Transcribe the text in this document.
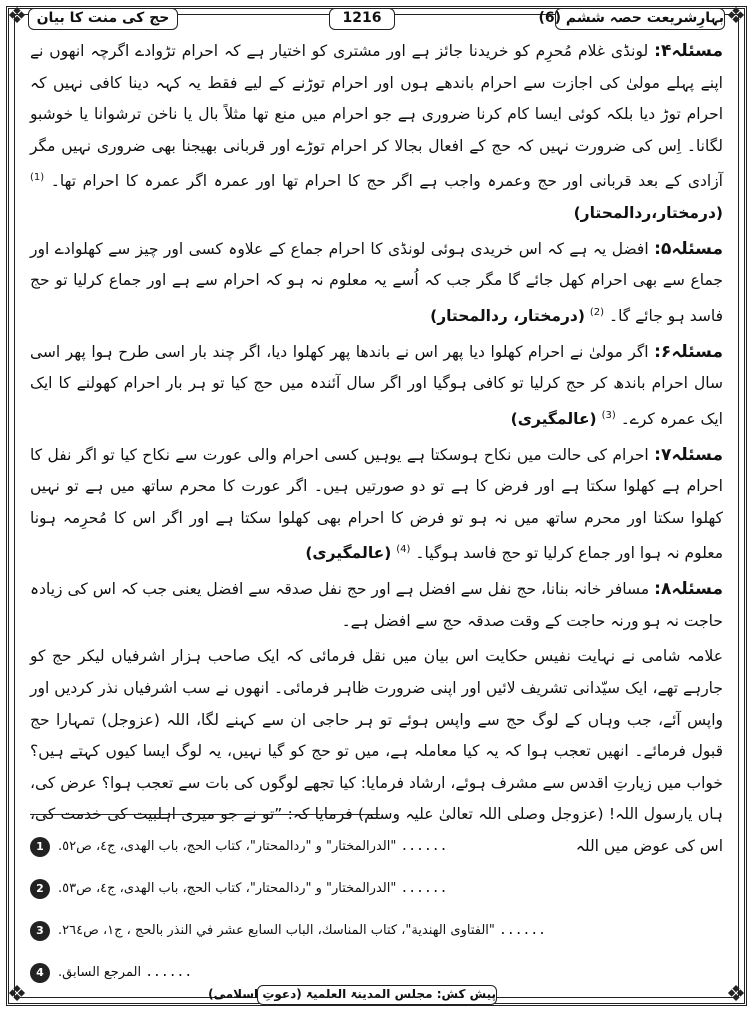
❖	❖
❖	❖
بہارِشریعت حصہ ششم (6)
1216
حج کی منت کا بیان

مسئلہ۴: لونڈی غلام مُحرِم کو خریدنا جائز ہے اور مشتری کو اختیار ہے کہ احرام تڑوادے اگرچہ انھوں نے اپنے پہلے مولیٰ کی اجازت سے احرام باندھے ہوں اور احرام توڑنے کے لیے فقط یہ کہہ دینا کافی نہیں کہ احرام توڑ دیا بلکہ کوئی ایسا کام کرنا ضروری ہے جو احرام میں منع تھا مثلاً بال یا ناخن ترشوانا یا خوشبو لگانا۔ اِس کی ضرورت نہیں کہ حج کے افعال بجالا کر احرام توڑے اور قربانی بھیجنا بھی ضروری نہیں مگر آزادی کے بعد قربانی اور حج وعمرہ واجب ہے اگر حج کا احرام تھا اور عمرہ اگر عمرہ کا احرام تھا۔ $^{(1)}$ (درمختار،ردالمحتار)

مسئلہ۵: افضل یہ ہے کہ اس خریدی ہوئی لونڈی کا احرام جماع کے علاوہ کسی اور چیز سے کھلوادے اور جماع سے بھی احرام کھل جائے گا مگر جب کہ اُسے یہ معلوم نہ ہو کہ احرام سے ہے اور جماع کرلیا تو حج فاسد ہو جائے گا۔ $^{(2)}$ (درمختار، ردالمحتار)

مسئلہ۶: اگر مولیٰ نے احرام کھلوا دیا پھر اس نے باندھا پھر کھلوا دیا، اگر چند بار اسی طرح ہوا پھر اسی سال احرام باندھ کر حج کرلیا تو کافی ہوگیا اور اگر سال آئندہ میں حج کیا تو ہر بار احرام کھولنے کا ایک ایک عمرہ کرے۔ $^{(3)}$ (عالمگیری)

مسئلہ۷: احرام کی حالت میں نکاح ہوسکتا ہے یوہیں کسی احرام والی عورت سے نکاح کیا تو اگر نفل کا احرام ہے کھلوا سکتا ہے اور فرض کا ہے تو دو صورتیں ہیں۔ اگر عورت کا محرم ساتھ میں ہے تو نہیں کھلوا سکتا اور محرم ساتھ میں نہ ہو تو فرض کا احرام بھی کھلوا سکتا ہے اور اگر اس کا مُحرِمہ ہونا معلوم نہ ہوا اور جماع کرلیا تو حج فاسد ہوگیا۔ $^{(4)}$ (عالمگیری)

مسئلہ۸: مسافر خانہ بنانا، حج نفل سے افضل ہے اور حج نفل صدقہ سے افضل یعنی جب کہ اس کی زیادہ حاجت نہ ہو ورنہ حاجت کے وقت صدقہ حج سے افضل ہے۔

علامہ شامی نے نہایت نفیس حکایت اس بیان میں نقل فرمائی کہ ایک صاحب ہزار اشرفیاں لیکر حج کو جارہے تھے، ایک سیّدانی تشریف لائیں اور اپنی ضرورت ظاہر فرمائی۔ انھوں نے سب اشرفیاں نذر کردیں اور واپس آئے، جب وہاں کے لوگ حج سے واپس ہوئے تو ہر حاجی ان سے کہنے لگا، اللہ (عزوجل) تمہارا حج قبول فرمائے۔ انھیں تعجب ہوا کہ یہ کیا معاملہ ہے، میں تو حج کو گیا نہیں، یہ لوگ ایسا کیوں کہتے ہیں؟ خواب میں زیارتِ اقدس سے مشرف ہوئے، ارشاد فرمایا: کیا تجھے لوگوں کی بات سے تعجب ہوا؟ عرض کی، ہاں یارسول اللہ! (عزوجل وصلی اللہ تعالیٰ علیہ وسلم) فرمایا کہ: ”تو نے جو میری اہلبیت کی خدمت کی، اس کی عوض میں اللہ

1	...... "الدرالمختار" و "ردالمحتار"، كتاب الحج، باب الهدى، ج٤، ص٥٢.
2	...... "الدرالمختار" و "ردالمحتار"، كتاب الحج، باب الهدى، ج٤، ص٥٣.
3	...... "الفتاوى الهندية"، كتاب المناسك، الباب السابع عشر في النذر بالحج ، ج١، ص٢٦٤.
4	...... المرجع السابق.
پیش کش: مجلس المدینۃ العلمیۃ (دعوتِ اسلامی)
